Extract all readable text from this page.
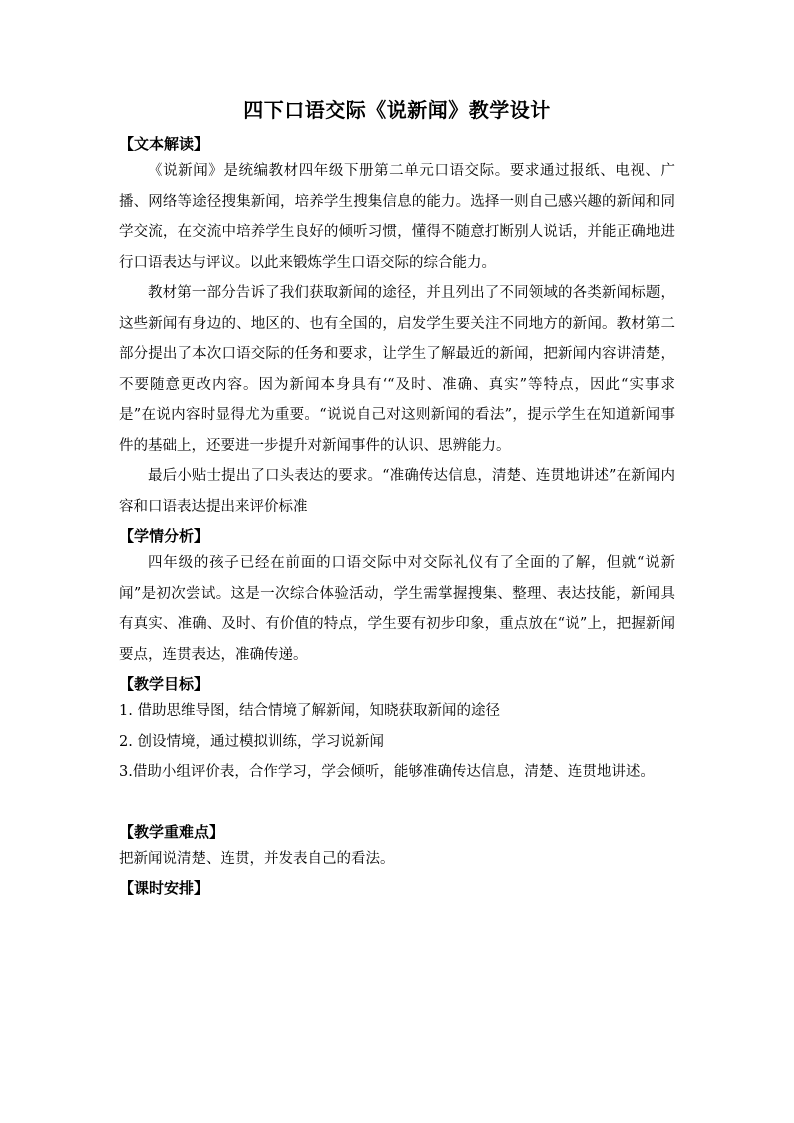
四下口语交际《说新闻》教学设计

【文本解读】

《说新闻》是统编教材四年级下册第二单元口语交际。要求通过报纸、电视、广播、网络等途径搜集新闻，培养学生搜集信息的能力。选择一则自己感兴趣的新闻和同学交流，在交流中培养学生良好的倾听习惯，懂得不随意打断别人说话，并能正确地进行口语表达与评议。以此来锻炼学生口语交际的综合能力。

教材第一部分告诉了我们获取新闻的途径，并且列出了不同领域的各类新闻标题，这些新闻有身边的、地区的、也有全国的，启发学生要关注不同地方的新闻。教材第二部分提出了本次口语交际的任务和要求，让学生了解最近的新闻，把新闻内容讲清楚，不要随意更改内容。因为新闻本身具有‘“及时、准确、真实”等特点，因此“实事求是”在说内容时显得尤为重要。“说说自己对这则新闻的看法”，提示学生在知道新闻事件的基础上，还要进一步提升对新闻事件的认识、思辨能力。

最后小贴士提出了口头表达的要求。“准确传达信息，清楚、连贯地讲述”在新闻内容和口语表达提出来评价标准

【学情分析】

四年级的孩子已经在前面的口语交际中对交际礼仪有了全面的了解，但就“说新闻”是初次尝试。这是一次综合体验活动，学生需掌握搜集、整理、表达技能，新闻具有真实、准确、及时、有价值的特点，学生要有初步印象，重点放在“说”上，把握新闻要点，连贯表达，准确传递。

【教学目标】

1. 借助思维导图，结合情境了解新闻，知晓获取新闻的途径

2. 创设情境，通过模拟训练，学习说新闻

3.借助小组评价表，合作学习，学会倾听，能够准确传达信息，清楚、连贯地讲述。

【教学重难点】

把新闻说清楚、连贯，并发表自己的看法。

【课时安排】
